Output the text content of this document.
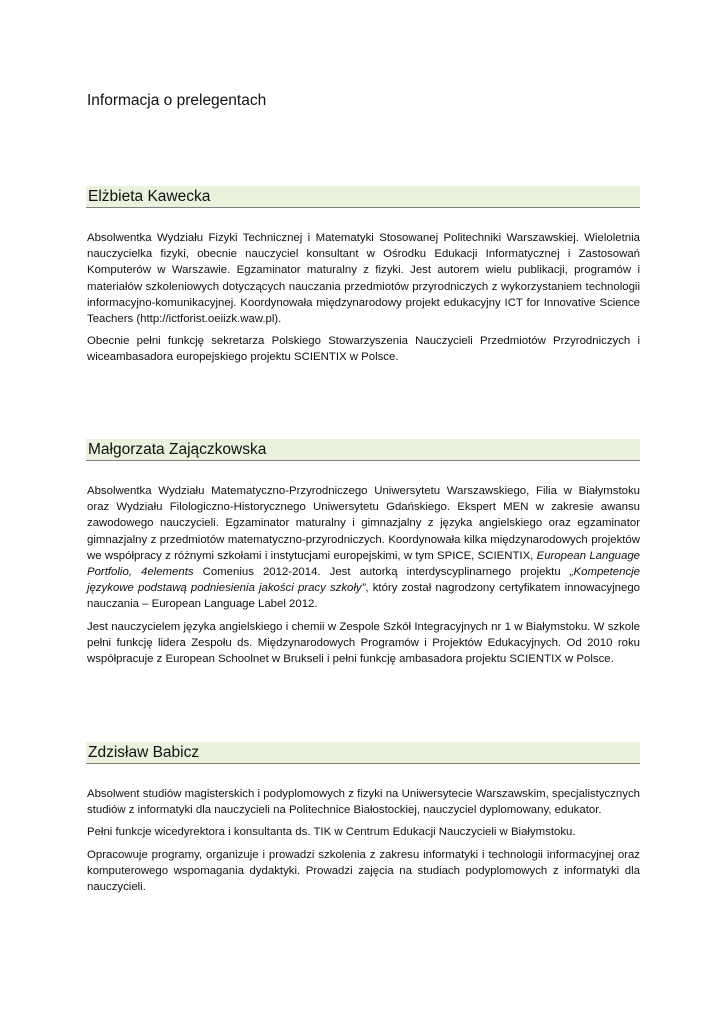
Informacja o prelegentach
Elżbieta Kawecka

Absolwentka Wydziału Fizyki Technicznej i Matematyki Stosowanej Politechniki Warszawskiej. Wieloletnia nauczycielka fizyki, obecnie nauczyciel konsultant w Ośrodku Edukacji Informatycznej i Zastosowań Komputerów w Warszawie. Egzaminator maturalny z fizyki. Jest autorem wielu publikacji, programów i materiałów szkoleniowych dotyczących nauczania przedmiotów przyrodniczych z wykorzystaniem technologii informacyjno-komunikacyjnej. Koordynowała międzynarodowy projekt edukacyjny ICT for Innovative Science Teachers (http://ictforist.oeiizk.waw.pl).

Obecnie pełni funkcję sekretarza Polskiego Stowarzyszenia Nauczycieli Przedmiotów Przyrodniczych i wiceambasadora europejskiego projektu SCIENTIX w Polsce.

Małgorzata Zajączkowska

Absolwentka Wydziału Matematyczno-Przyrodniczego Uniwersytetu Warszawskiego, Filia w Białymstoku oraz Wydziału Filologiczno-Historycznego Uniwersytetu Gdańskiego. Ekspert MEN w zakresie awansu zawodowego nauczycieli. Egzaminator maturalny i gimnazjalny z języka angielskiego oraz egzaminator gimnazjalny z przedmiotów matematyczno-przyrodniczych. Koordynowała kilka międzynarodowych projektów we współpracy z różnymi szkołami i instytucjami europejskimi, w tym SPICE, SCIENTIX, European Language Portfolio, 4elements Comenius 2012-2014. Jest autorką interdyscyplinarnego projektu „Kompetencje językowe podstawą podniesienia jakości pracy szkoły”, który został nagrodzony certyfikatem innowacyjnego nauczania – European Language Label 2012.

Jest nauczycielem języka angielskiego i chemii w Zespole Szkół Integracyjnych nr 1 w Białymstoku. W szkole pełni funkcję lidera Zespołu ds. Międzynarodowych Programów i Projektów Edukacyjnych. Od 2010 roku współpracuje z European Schoolnet w Brukseli i pełni funkcję ambasadora projektu SCIENTIX w Polsce.

Zdzisław Babicz

Absolwent studiów magisterskich i podyplomowych z fizyki na Uniwersytecie Warszawskim, specjalistycznych studiów z informatyki dla nauczycieli na Politechnice Białostockiej, nauczyciel dyplomowany, edukator.

Pełni funkcje wicedyrektora i konsultanta ds. TIK w Centrum Edukacji Nauczycieli w Białymstoku.

Opracowuje programy, organizuje i prowadzi szkolenia z zakresu informatyki i technologii informacyjnej oraz komputerowego wspomagania dydaktyki. Prowadzi zajęcia na studiach podyplomowych z informatyki dla nauczycieli.
